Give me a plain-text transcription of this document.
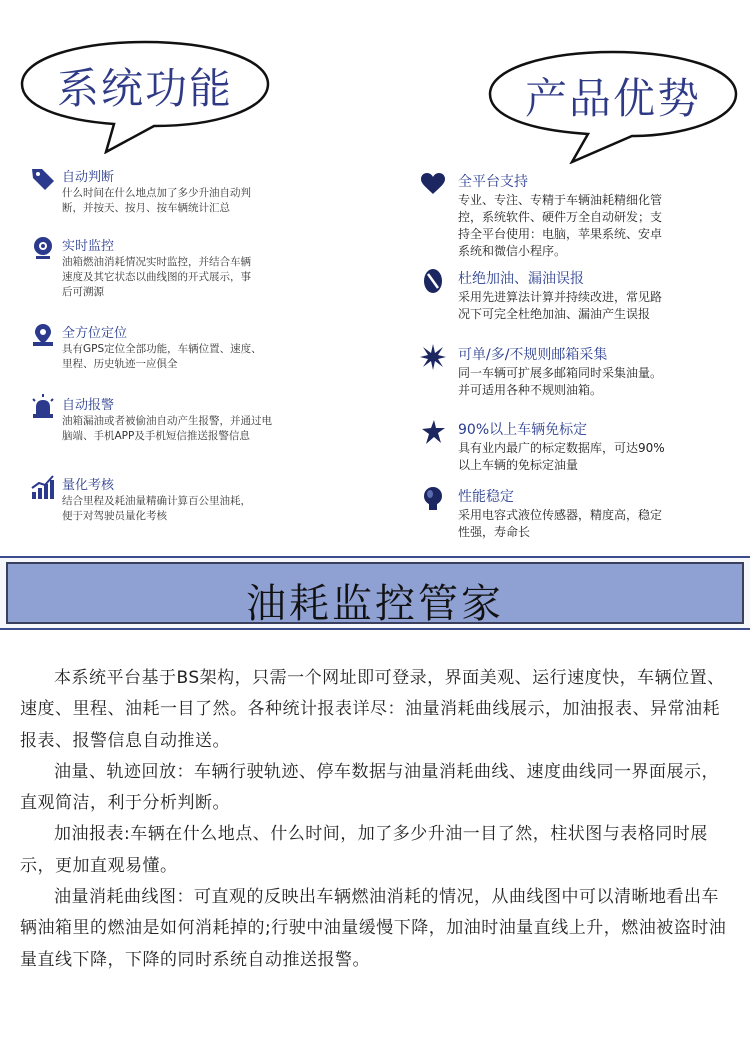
系统功能	产品优势
自动判断
什么时间在什么地点加了多少升油自动判
断，并按天、按月、按车辆统计汇总
实时监控
油箱燃油消耗情况实时监控，并结合车辆
速度及其它状态以曲线图的开式展示，事
后可溯源
全方位定位
具有GPS定位全部功能，车辆位置、速度、
里程、历史轨迹一应俱全
自动报警
油箱漏油或者被偷油自动产生报警，并通过电
脑端、手机APP及手机短信推送报警信息
量化考核
结合里程及耗油量精确计算百公里油耗，
便于对驾驶员量化考核
全平台支持
专业、专注、专精于车辆油耗精细化管
控，系统软件、硬件万全自动研发；支
持全平台使用：电脑，苹果系统、安卓
系统和微信小程序。
杜绝加油、漏油误报
采用先进算法计算并持续改进，常见路
况下可完全杜绝加油、漏油产生误报
可单/多/不规则邮箱采集
同一车辆可扩展多邮箱同时采集油量。
并可适用各种不规则油箱。
90%以上车辆免标定
具有业内最广的标定数据库，可达90%
以上车辆的免标定油量
性能稳定
采用电容式液位传感器，精度高，稳定
性强，寿命长
油耗监控管家

本系统平台基于BS架构，只需一个网址即可登录，界面美观、运行速度快，车辆位置、速度、里程、油耗一目了然。各种统计报表详尽：油量消耗曲线展示，加油报表、异常油耗报表、报警信息自动推送。

油量、轨迹回放：车辆行驶轨迹、停车数据与油量消耗曲线、速度曲线同一界面展示，直观简洁，利于分析判断。

加油报表:车辆在什么地点、什么时间，加了多少升油一目了然，柱状图与表格同时展示，更加直观易懂。

油量消耗曲线图：可直观的反映出车辆燃油消耗的情况，从曲线图中可以清晰地看出车辆油箱里的燃油是如何消耗掉的;行驶中油量缓慢下降，加油时油量直线上升，燃油被盗时油量直线下降，下降的同时系统自动推送报警。
